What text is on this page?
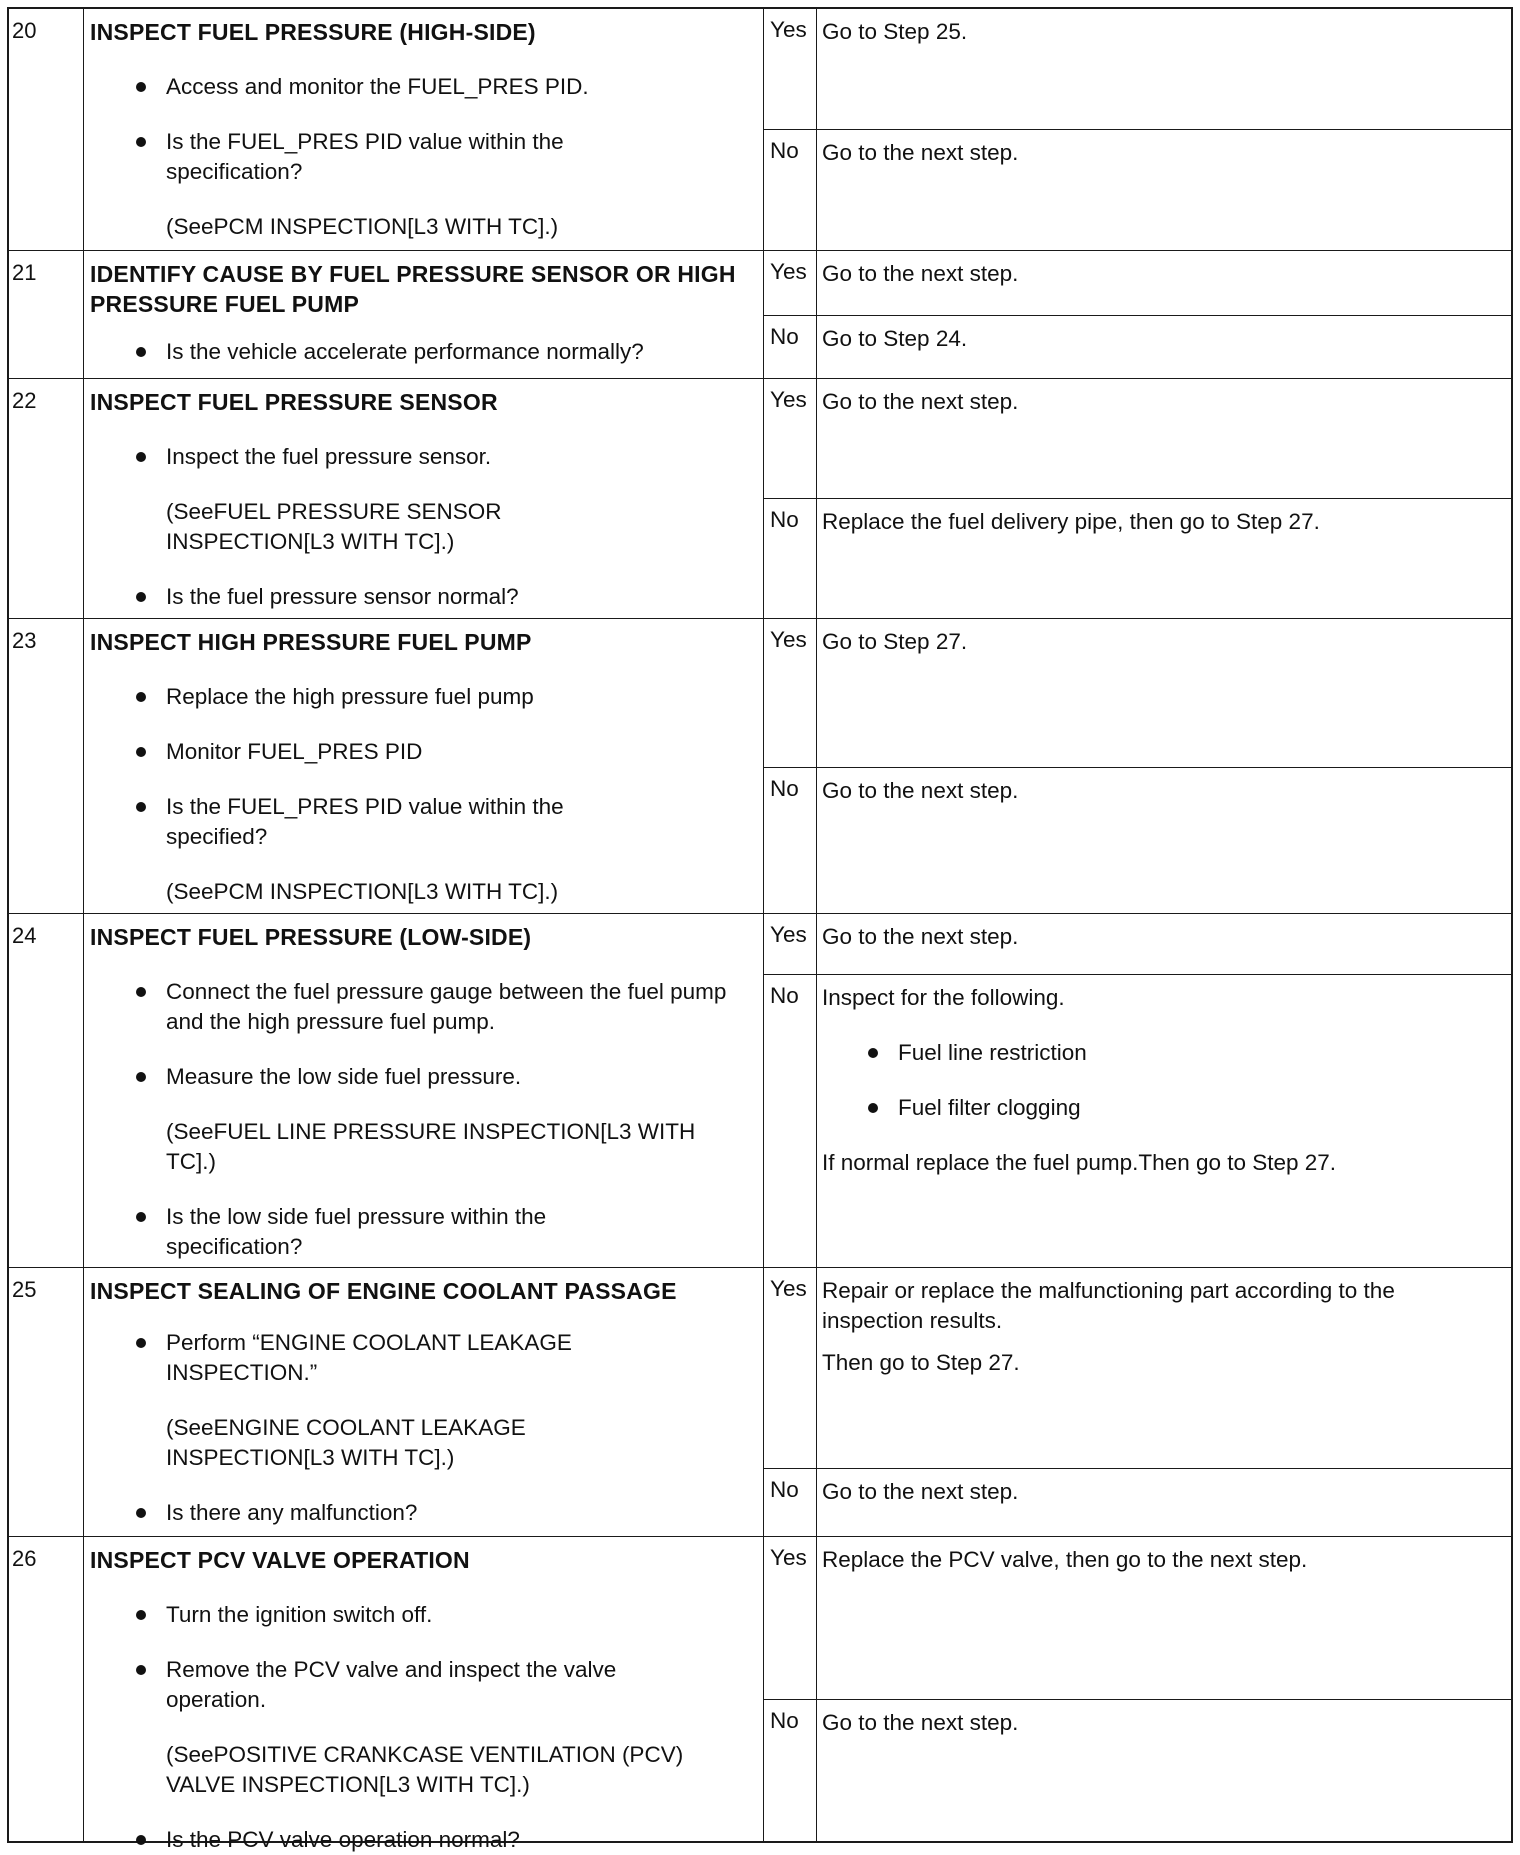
20	INSPECT FUEL PRESSURE (HIGH-SIDE)
Access and monitor the FUEL_PRES PID.
Is the FUEL_PRES PID value within the specification?
(SeePCM INSPECTION[L3 WITH TC].)
Yes Go to Step 25.

No	Go to the next step.

21	IDENTIFY CAUSE BY FUEL PRESSURE SENSOR OR HIGH PRESSURE FUEL PUMP
Is the vehicle accelerate performance normally?
Yes Go to the next step.

No	Go to Step 24.

22	INSPECT FUEL PRESSURE SENSOR
Inspect the fuel pressure sensor.
(SeeFUEL PRESSURE SENSOR INSPECTION[L3 WITH TC].)
Is the fuel pressure sensor normal?
Yes Go to the next step.

No	Replace the fuel delivery pipe, then go to Step 27.

23	INSPECT HIGH PRESSURE FUEL PUMP
Replace the high pressure fuel pump
Monitor FUEL_PRES PID
Is the FUEL_PRES PID value within the specified?
(SeePCM INSPECTION[L3 WITH TC].)
Yes Go to Step 27.

No	Go to the next step.

24	INSPECT FUEL PRESSURE (LOW-SIDE)
Connect the fuel pressure gauge between the fuel pump and the high pressure fuel pump.
Measure the low side fuel pressure.
(SeeFUEL LINE PRESSURE INSPECTION[L3 WITH TC].)
Is the low side fuel pressure within the specification?
Yes Go to the next step.

No	Inspect for the following.

Fuel line restriction
Fuel filter clogging

If normal replace the fuel pump.Then go to Step 27.

25	INSPECT SEALING OF ENGINE COOLANT PASSAGE
Perform “ENGINE COOLANT LEAKAGE INSPECTION.”
(SeeENGINE COOLANT LEAKAGE INSPECTION[L3 WITH TC].)
Is there any malfunction?
Yes Repair or replace the malfunctioning part according to the inspection results.

Then go to Step 27.

No	Go to the next step.

26	INSPECT PCV VALVE OPERATION
Turn the ignition switch off.
Remove the PCV valve and inspect the valve operation.
(SeePOSITIVE CRANKCASE VENTILATION (PCV) VALVE INSPECTION[L3 WITH TC].)
Is the PCV valve operation normal?
Yes Replace the PCV valve, then go to the next step.

No	Go to the next step.
